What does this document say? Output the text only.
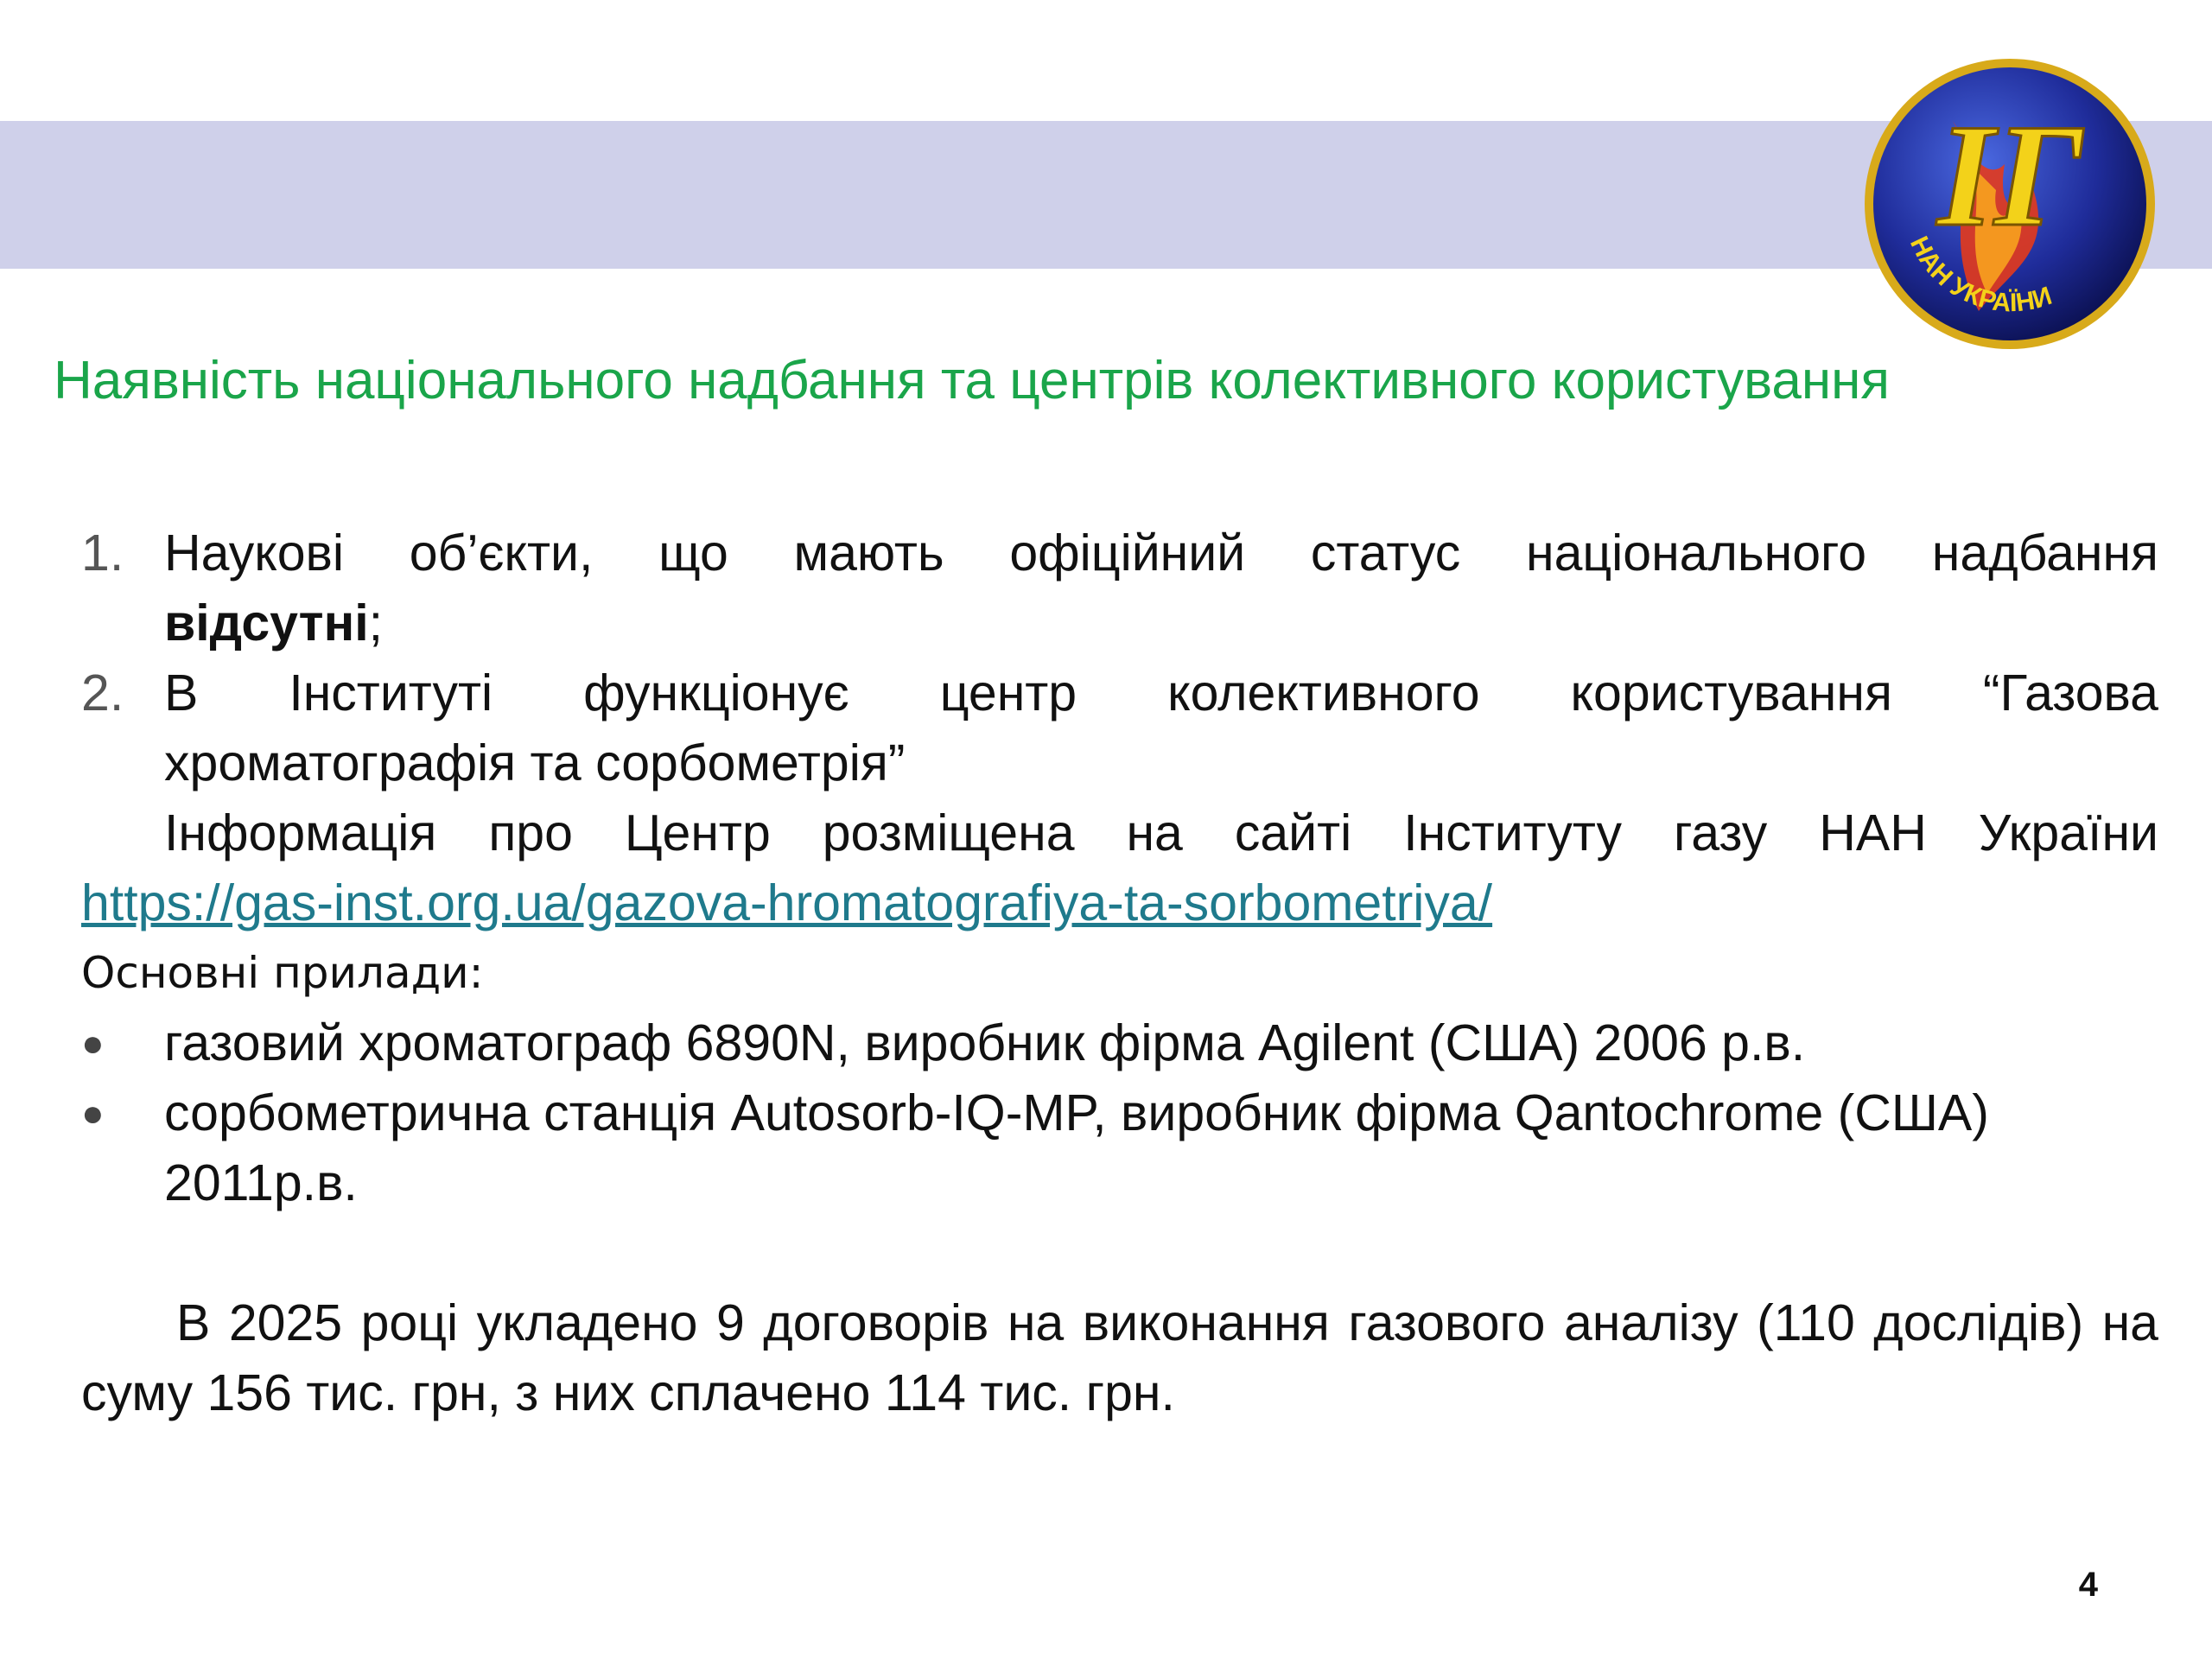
ІГ
НАН УКРАЇНИ
Наявність національного надбання та центрів колективного користування
1. Наукові об’єкти, що мають офіційний статус національного надбання
відсутні;
2. В Інституті функціонує центр колективного користування “Газова
хроматографія та сорбометрія”
Інформація про Центр розміщена на сайті Інституту газу НАН України
https://gas-inst.org.ua/gazova-hromatografiya-ta-sorbometriya/
Основні прилади:
● газовий хроматограф 6890N, виробник фірма Agilent (США) 2006 р.в.
● сорбометрична станція Autosorb-IQ-MP, виробник фірма Qantochrome (США) 2011р.в.
В 2025 році укладено 9 договорів на виконання газового аналізу (110 дослідів) на суму 156 тис. грн, з них сплачено 114 тис. грн.
4
